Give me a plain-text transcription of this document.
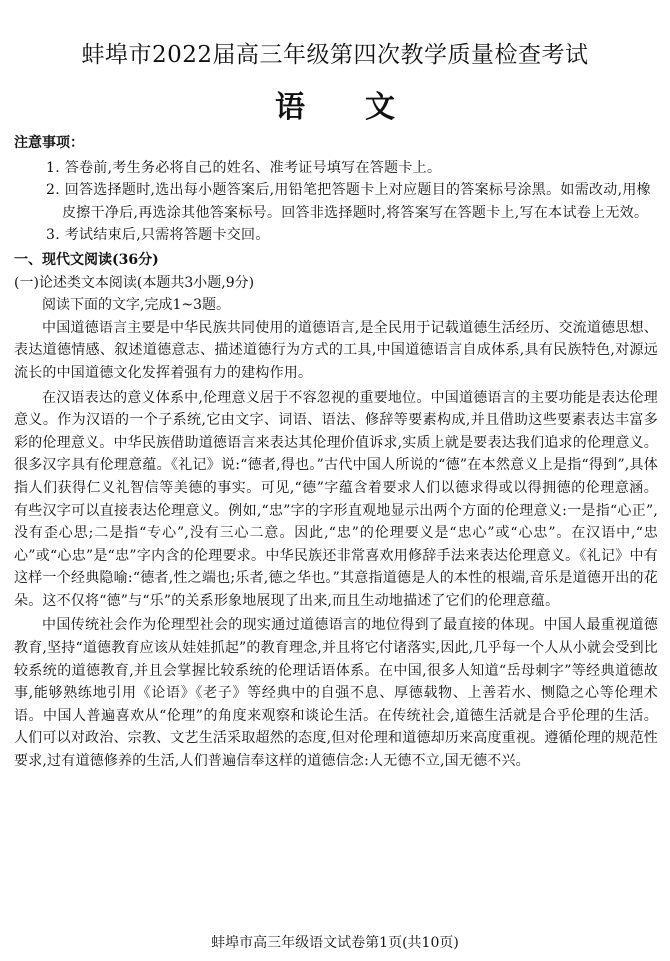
蚌埠市2022届高三年级第四次教学质量检查考试
语文

注意事项：

1. 答卷前,考生务必将自己的姓名、准考证号填写在答题卡上。

2. 回答选择题时,选出每小题答案后,用铅笔把答题卡上对应题目的答案标号涂黑。如需改动,用橡皮擦干净后,再选涂其他答案标号。回答非选择题时,将答案写在答题卡上,写在本试卷上无效。

3. 考试结束后,只需将答题卡交回。

一、现代文阅读(36分)

(一)论述类文本阅读(本题共3小题,9分)

阅读下面的文字,完成1~3题。

中国道德语言主要是中华民族共同使用的道德语言,是全民用于记载道德生活经历、交流道德思想、表达道德情感、叙述道德意志、描述道德行为方式的工具,中国道德语言自成体系,具有民族特色,对源远流长的中国道德文化发挥着强有力的建构作用。

在汉语表达的意义体系中,伦理意义居于不容忽视的重要地位。中国道德语言的主要功能是表达伦理意义。作为汉语的一个子系统,它由文字、词语、语法、修辞等要素构成,并且借助这些要素表达丰富多彩的伦理意义。中华民族借助道德语言来表达其伦理价值诉求,实质上就是要表达我们追求的伦理意义。很多汉字具有伦理意蕴。《礼记》说:“德者,得也。”古代中国人所说的“德”在本然意义上是指“得到”,具体指人们获得仁义礼智信等美德的事实。可见,“德”字蕴含着要求人们以德求得或以得拥德的伦理意涵。有些汉字可以直接表达伦理意义。例如,“忠”字的字形直观地显示出两个方面的伦理意义:一是指“心正”,没有歪心思;二是指“专心”,没有三心二意。因此,“忠”的伦理要义是“忠心”或“心忠”。在汉语中,“忠心”或“心忠”是“忠”字内含的伦理要求。中华民族还非常喜欢用修辞手法来表达伦理意义。《礼记》中有这样一个经典隐喻:“德者,性之端也;乐者,德之华也。”其意指道德是人的本性的根端,音乐是道德开出的花朵。这不仅将“德”与“乐”的关系形象地展现了出来,而且生动地描述了它们的伦理意蕴。

中国传统社会作为伦理型社会的现实通过道德语言的地位得到了最直接的体现。中国人最重视道德教育,坚持“道德教育应该从娃娃抓起”的教育理念,并且将它付诸落实,因此,几乎每一个人从小就会受到比较系统的道德教育,并且会掌握比较系统的伦理话语体系。在中国,很多人知道“岳母刺字”等经典道德故事,能够熟练地引用《论语》《老子》等经典中的自强不息、厚德载物、上善若水、恻隐之心等伦理术语。中国人普遍喜欢从“伦理”的角度来观察和谈论生活。在传统社会,道德生活就是合乎伦理的生活。人们可以对政治、宗教、文艺生活采取超然的态度,但对伦理和道德却历来高度重视。遵循伦理的规范性要求,过有道德修养的生活,人们普遍信奉这样的道德信念:人无德不立,国无德不兴。

蚌埠市高三年级语文试卷第1页(共10页)
